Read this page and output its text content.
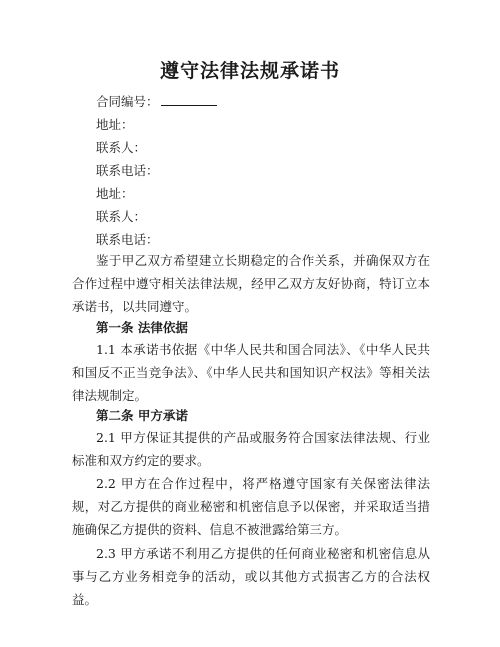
遵守法律法规承诺书
合同编号：
地址：
联系人：
联系电话：
地址：
联系人：
联系电话：
鉴于甲乙双方希望建立长期稳定的合作关系，并确保双方在合作过程中遵守相关法律法规，经甲乙双方友好协商，特订立本承诺书，以共同遵守。
第一条 法律依据
1.1 本承诺书依据《中华人民共和国合同法》、《中华人民共和国反不正当竞争法》、《中华人民共和国知识产权法》等相关法律法规制定。
第二条 甲方承诺
2.1 甲方保证其提供的产品或服务符合国家法律法规、行业标准和双方约定的要求。
2.2 甲方在合作过程中，将严格遵守国家有关保密法律法规，对乙方提供的商业秘密和机密信息予以保密，并采取适当措施确保乙方提供的资料、信息不被泄露给第三方。
2.3 甲方承诺不利用乙方提供的任何商业秘密和机密信息从事与乙方业务相竞争的活动，或以其他方式损害乙方的合法权益。
